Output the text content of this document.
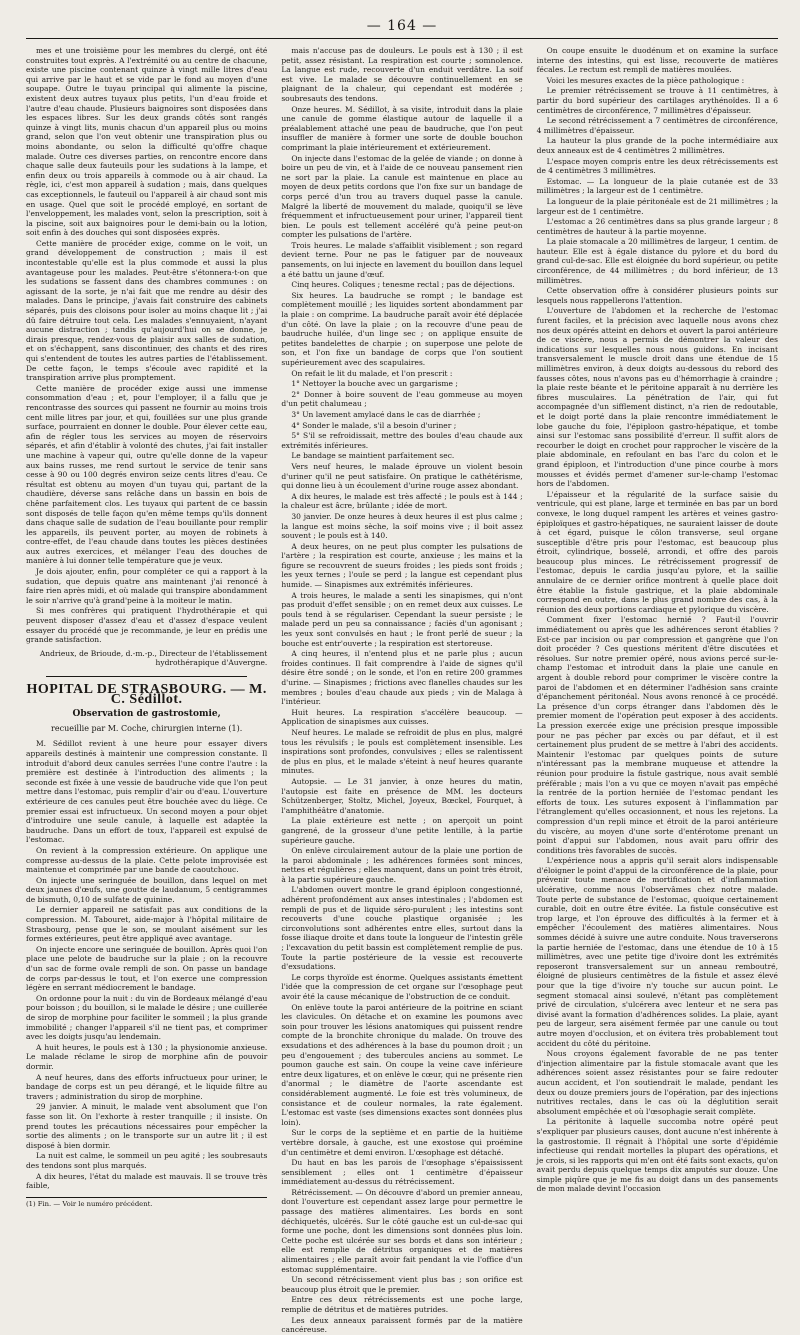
— 164 —

mes et une troisième pour les membres du clergé, ont été construites tout exprès. A l'extrémité ou au centre de chacune, existe une piscine contenant quinze à vingt mille litres d'eau qui arrive par le haut et se vide par le fond au moyen d'une soupape. Outre le tuyau principal qui alimente la piscine, existent deux autres tuyaux plus petits, l'un d'eau froide et l'autre d'eau chaude. Plusieurs baignoires sont disposées dans les espaces libres. Sur les deux grands côtés sont rangés quinze à vingt lits, munis chacun d'un appareil plus ou moins grand, selon que l'on veut obtenir une transpiration plus ou moins abondante, ou selon la difficulté qu'offre chaque malade. Outre ces diverses parties, on rencontre encore dans chaque salle deux fauteuils pour les sudations à la lampe, et enfin deux ou trois appareils à commode ou à air chaud. La règle, ici, c'est mon appareil à sudation ; mais, dans quelques cas exceptionnels, le fauteuil ou l'appareil à air chaud sont mis en usage. Quel que soit le procédé employé, en sortant de l'enveloppement, les malades vont, selon la prescription, soit à la piscine, soit aux baignoires pour le demi-bain ou la lotion, soit enfin à des douches qui sont disposées exprès.

Cette manière de procéder exige, comme on le voit, un grand développement de construction ; mais il est incontestable qu'elle est la plus commode et aussi la plus avantageuse pour les malades. Peut-être s'étonnera-t-on que les sudations se fassent dans des chambres communes : on agissant de la sorte, je n'ai fait que me rendre au désir des malades. Dans le principe, j'avais fait construire des cabinets séparés, puis des cloisons pour isoler au moins chaque lit ; j'ai dû faire détruire tout cela. Les malades s'ennuyaient, n'ayant aucune distraction ; tandis qu'aujourd'hui on se donne, je dirais presque, rendez-vous de plaisir aux salles de sudation, et on s'échappent, sans discontinuer, des chants et des rires qui s'entendent de toutes les autres parties de l'établissement. De cette façon, le temps s'écoule avec rapidité et la transpiration arrive plus promptement.

Cette manière de procéder exige aussi une immense consommation d'eau ; et, pour l'employer, il a fallu que je rencontrasse des sources qui passent ne fournir au moins trois cent mille litres par jour, et qui, fouillées sur une plus grande surface, pourraient en donner le double. Pour élever cette eau, afin de régler tous les services au moyen de réservoirs séparés, et afin d'établir à volonté des chutes, j'ai fait installer une machine à vapeur qui, outre qu'elle donne de la vapeur aux bains russes, me rend surtout le service de tenir sans cesse à 90 ou 100 degrés environ seize cents litres d'eau. Ce résultat est obtenu au moyen d'un tuyau qui, partant de la chaudière, déverse sans relâche dans un bassin en bois de chêne parfaitement clos. Les tuyaux qui partent de ce bassin sont disposés de telle façon qu'en même temps qu'ils donnent dans chaque salle de sudation de l'eau bouillante pour remplir les appareils, ils peuvent porter, au moyen de robinets à contre-effet, de l'eau chaude dans toutes les pièces destinées aux autres exercices, et mélanger l'eau des douches de manière à lui donner telle température que je veux.

Je dois ajouter, enfin, pour compléter ce qui a rapport à la sudation, que depuis quatre ans maintenant j'ai renoncé à faire rien après midi, et où malade qui transpire abondamment le soir n'arrive qu'à grand'peine à la moiteur le matin.

Si mes confrères qui pratiquent l'hydrothérapie et qui peuvent disposer d'assez d'eau et d'assez d'espace veulent essayer du procédé que je recommande, je leur en prédis une grande satisfaction.

Andrieux, de Brioude, d.-m.-p., Directeur de l'établissement hydrothérapique d'Auvergne.
HOPITAL DE STRASBOURG. — M. C. Sédillot.
Observation de gastrostomie,
recueillie par M. Coche, chirurgien interne (1).

M. Sédillot revient à une heure pour essayer divers appareils destinés à maintenir une compression constante. Il introduit d'abord deux canules serrées l'une contre l'autre : la première est destinée à l'introduction des aliments ; la seconde est fixée à une vessie de baudruche vide que l'on peut mettre dans l'estomac, puis remplir d'air ou d'eau. L'ouverture extérieure de ces canules peut être bouchée avec du liège. Ce premier essai est infructueux. Un second moyen a pour objet d'introduire une seule canule, à laquelle est adaptée la baudruche. Dans un effort de toux, l'appareil est expulsé de l'estomac.

On revient à la compression extérieure. On applique une compresse au-dessus de la plaie. Cette pelote improvisée est maintenue et comprimée par une bande de caoutchouc.

On injecte une seringuée de bouillon, dans lequel on met deux jaunes d'œufs, une goutte de laudanum, 5 centigrammes de bismuth, 0,10 de sulfate de quinine.

Le dernier appareil ne satisfait pas aux conditions de la compression. M. Tabouret, aide-major à l'hôpital militaire de Strasbourg, pense que le son, se moulant aisément sur les formes extérieures, peut être appliqué avec avantage.

On injecte encore une seringuée de bouillon. Après quoi l'on place une pelote de baudruche sur la plaie ; on la recouvre d'un sac de forme ovale rempli de son. On passe un bandage de corps par-dessus le tout, et l'on exerce une compression légère en serrant médiocrement le bandage.

On ordonne pour la nuit : du vin de Bordeaux mélangé d'eau pour boisson ; du bouillon, si le malade le désire ; une cuillerée de sirop de morphine pour faciliter le sommeil ; la plus grande immobilité ; changer l'appareil s'il ne tient pas, et comprimer avec les doigts jusqu'au lendemain.

A huit heures, le pouls est à 130 ; la physionomie anxieuse. Le malade réclame le sirop de morphine afin de pouvoir dormir.

A neuf heures, dans des efforts infructueux pour uriner, le bandage de corps est un peu dérangé, et le liquide filtre au travers ; administration du sirop de morphine.

29 janvier. A minuit, le malade vent absolument que l'on fasse son lit. On l'exhorte à rester tranquille ; il insiste. On prend toutes les précautions nécessaires pour empêcher la sortie des aliments ; on le transporte sur un autre lit ; il est disposé à bien dormir.

La nuit est calme, le sommeil un peu agité ; les soubresauts des tendons sont plus marqués.

A dix heures, l'état du malade est mauvais. Il se trouve très faible,

(1) Fin. — Voir le numéro précédent.

mais n'accuse pas de douleurs. Le pouls est à 130 ; il est petit, assez résistant. La respiration est courte ; somnolence. La langue est rude, recouverte d'un enduit verdâtre. La soif est vive. Le malade se découvre continuellement en se plaignant de la chaleur, qui cependant est modérée ; soubresauts des tendons.

Onze heures. M. Sédillot, à sa visite, introduit dans la plaie une canule de gomme élastique autour de laquelle il a préalablement attaché une peau de baudruche, que l'on peut insuffler de manière à former une sorte de double bouchon comprimant la plaie intérieurement et extérieurement.

On injecte dans l'estomac de la gelée de viande ; on donne à boire un peu de vin, et à l'aide de ce nouveau pansement rien ne sort par la plaie. La canule est maintenue en place au moyen de deux petits cordons que l'on fixe sur un bandage de corps percé d'un trou au travers duquel passe la canule. Malgré la liberté de mouvement du malade, quoiqu'il se lève fréquemment et infructueusement pour uriner, l'appareil tient bien. Le pouls est tellement accéléré qu'à peine peut-on compter les pulsations de l'artère.

Trois heures. Le malade s'affaiblit visiblement ; son regard devient terne. Pour ne pas le fatiguer par de nouveaux pansements, on lui injecte en lavement du bouillon dans lequel a été battu un jaune d'œuf.

Cinq heures. Coliques ; tenesme rectal ; pas de déjections.

Six heures. La baudruche se rompt ; le bandage est complètement mouillé ; les liquides sortent abondamment par la plaie : on comprime. La baudruche paraît avoir été déplacée d'un côté. On lave la plaie ; on la recouvre d'une peau de baudruche huilée, d'un linge sec ; on applique ensuite de petites bandelettes de charpie ; on superpose une pelote de son, et l'on fixe un bandage de corps que l'on soutient supérieurement avec des scapulaires.

On refait le lit du malade, et l'on prescrit :

1° Nettoyer la bouche avec un gargarisme ;

2° Donner à boire souvent de l'eau gommeuse au moyen d'un petit chalumeau ;

3° Un lavement amylacé dans le cas de diarrhée ;

4° Sonder le malade, s'il a besoin d'uriner ;

5° S'il se refroidissait, mettre des boules d'eau chaude aux extrémités inférieures.

Le bandage se maintient parfaitement sec.

Vers neuf heures, le malade éprouve un violent besoin d'uriner qu'il ne peut satisfaire. On pratique le cathétérisme, qui donne lieu à un écoulement d'urine rouge assez abondant.

A dix heures, le malade est très affecté ; le pouls est à 144 ; la chaleur est âcre, brûlante ; idée de mort.

30 janvier. De onze heures à deux heures il est plus calme ; la langue est moins sèche, la soif moins vive ; il boit assez souvent ; le pouls est à 140.

A deux heures, on ne peut plus compter les pulsations de l'artère ; la respiration est courte, anxieuse ; les mains et la figure se recouvrent de sueurs froides ; les pieds sont froids ; les yeux ternes ; l'ouïe se perd ; la langue est cependant plus humide. — Sinapismes aux extrémités inférieures.

A trois heures, le malade a senti les sinapismes, qui n'ont pas produit d'effet sensible ; on en remet deux aux cuisses. Le pouls tend à se régulariser. Cependant la sueur persiste ; le malade perd un peu sa connaissance ; faciès d'un agonisant ; les yeux sont convulsés en haut ; le front perlé de sueur ; la bouche est entr'ouverte ; la respiration est stertoreuse.

A cinq heures, il n'entend plus et ne parle plus ; aucun froides continues. Il fait comprendre à l'aide de signes qu'il désire être sondé ; on le sonde, et l'on en retire 200 grammes d'urine. — Sinapismes ; frictions avec flanelles chaudes sur les membres ; boules d'eau chaude aux pieds ; vin de Malaga à l'intérieur.

Huit heures. La respiration s'accélère beaucoup. — Application de sinapismes aux cuisses.

Neuf heures. Le malade se refroidit de plus en plus, malgré tous les révulsifs ; le pouls est complètement insensible. Les inspirations sont profondes, convulsives ; elles se ralentissent de plus en plus, et le malade s'éteint à neuf heures quarante minutes.

Autopsie. — Le 31 janvier, à onze heures du matin, l'autopsie est faite en présence de MM. les docteurs Schützenberger, Stoltz, Michel, Joyeux, Bœckel, Fourquet, à l'amphithéâtre d'anatomie.

La plaie extérieure est nette ; on aperçoit un point gangrené, de la grosseur d'une petite lentille, à la partie supérieure gauche.

On enlève circulairement autour de la plaie une portion de la paroi abdominale ; les adhérences formées sont minces, nettes et régulières ; elles manquent, dans un point très étroit, à la partie supérieure gauche.

L'abdomen ouvert montre le grand épiploon congestionné, adhérent profondément aux anses intestinales ; l'abdomen est rempli de pus et de liquide séro-purulent ; les intestins sont recouverts d'une couche plastique organisée ; les circonvolutions sont adhérentes entre elles, surtout dans la fosse iliaque droite et dans toute la longueur de l'intestin grêle ; l'excavation du petit bassin est complètement remplie de pus. Toute la partie postérieure de la vessie est recouverte d'exsudations.

Le corps thyroïde est énorme. Quelques assistants émettent l'idée que la compression de cet organe sur l'œsophage peut avoir été la cause mécanique de l'obstruction de ce conduit.

On enlève toute la paroi antérieure de la poitrine en sciant les clavicules. On détache et on examine les poumons avec soin pour trouver les lésions anatomiques qui puissent rendre compte de la bronchite chronique du malade. On trouve des exsudations et des adhérences à la base du poumon droit ; un peu d'engouement ; des tubercules anciens au sommet. Le poumon gauche est sain. On coupe la veine cave inférieure entre deux ligatures, et on enlève le cœur, qui ne présente rien d'anormal ; le diamètre de l'aorte ascendante est considérablement augmenté. Le foie est très volumineux, de consistance et de couleur normales, la rate également. L'estomac est vaste (ses dimensions exactes sont données plus loin).

Sur le corps de la septième et en partie de la huitième vertèbre dorsale, à gauche, est une exostose qui proémine d'un centimètre et demi environ. L'œsophage est détaché.

Du haut en bas les parois de l'œsophage s'épaississent sensiblement ; elles ont 1 centimètre d'épaisseur immédiatement au-dessus du rétrécissement.

Rétrécissement. — On découvre d'abord un premier anneau, dont l'ouverture est cependant assez large pour permettre le passage des matières alimentaires. Les bords en sont déchiquetés, ulcérés. Sur le côté gauche est un cul-de-sac qui forme une poche, dont les dimensions sont données plus loin. Cette poche est ulcérée sur ses bords et dans son intérieur ; elle est remplie de détritus organiques et de matières alimentaires ; elle paraît avoir fait pendant la vie l'office d'un estomac supplémentaire.

Un second rétrécissement vient plus bas ; son orifice est beaucoup plus étroit que le premier.

Entre ces deux rétrécissements est une poche large, remplie de détritus et de matières putrides.

Les deux anneaux paraissent formés par de la matière cancéreuse.

On coupe ensuite le duodénum et on examine la surface interne des intestins, qui est lisse, recouverte de matières fécales. Le rectum est rempli de matières moulées.

Voici les mesures exactes de la pièce pathologique :

Le premier rétrécissement se trouve à 11 centimètres, à partir du bord supérieur des cartilages arythénoïdes. Il a 6 centimètres de circonférence, 7 millimètres d'épaisseur.

Le second rétrécissement a 7 centimètres de circonférence, 4 millimètres d'épaisseur.

La hauteur la plus grande de la poche intermédiaire aux deux anneaux est de 4 centimètres 2 millimètres.

L'espace moyen compris entre les deux rétrécissements est de 4 centimètres 3 millimètres.

Estomac. — La longueur de la plaie cutanée est de 33 millimètres ; la largeur est de 1 centimètre.

La longueur de la plaie péritonéale est de 21 millimètres ; la largeur est de 1 centimètre.

L'estomac a 26 centimètres dans sa plus grande largeur ; 8 centimètres de hauteur à la partie moyenne.

La plaie stomacale a 20 millimètres de largeur, 1 centim. de hauteur. Elle est à égale distance du pylore et du bord du grand cul-de-sac. Elle est éloignée du bord supérieur, ou petite circonférence, de 44 millimètres ; du bord inférieur, de 13 millimètres.

Cette observation offre à considérer plusieurs points sur lesquels nous rappellerons l'attention.

L'ouverture de l'abdomen et la recherche de l'estomac furent faciles, et la précision avec laquelle nous avons chez nos deux opérés atteint en dehors et ouvert la paroi antérieure de ce viscère, nous a permis de démontrer la valeur des indications sur lesquelles nous nous guidons. En incisant transversalement le muscle droit dans une étendue de 15 millimètres environ, à deux doigts au-dessous du rebord des fausses côtes, nous n'avons pas eu d'hémorrhagie à craindre ; la plaie reste béante et le péritoine apparaît à nu derrière les fibres musculaires. La pénétration de l'air, qui fut accompagnée d'un sifflement distinct, n'a rien de redoutable, et le doigt porté dans la plaie rencontre immédiatement le lobe gauche du foie, l'épiploon gastro-hépatique, et tombe ainsi sur l'estomac sans possibilité d'erreur. Il suffit alors de recourber le doigt en crochet pour rapprocher le viscère de la plaie abdominale, en refoulant en bas l'arc du colon et le grand épiploon, et l'introduction d'une pince courbe à mors mousses et évidés permet d'amener sur-le-champ l'estomac hors de l'abdomen.

L'épaisseur et la régularité de la surface saisie du ventricule, qui est plane, large et terminée en bas par un bord convexe, le long duquel rampent les artères et veines gastro-épiploïques et gastro-hépatiques, ne sauraient laisser de doute à cet égard, puisque le côlon transverse, seul organe susceptible d'être pris pour l'estomac, est beaucoup plus étroit, cylindrique, bosselé, arrondi, et offre des parois beaucoup plus minces. Le rétrécissement progressif de l'estomac, depuis le cardia jusqu'au pylore, et la saillie annulaire de ce dernier orifice montrent à quelle place doit être établie la fistule gastrique, et la plaie abdominale correspond en outre, dans le plus grand nombre des cas, à la réunion des deux portions cardiaque et pylorique du viscère.

Comment fixer l'estomac hernié ? Faut-il l'ouvrir immédiatement ou après que les adhérences seront établies ? Est-ce par incision ou par compression et gangrène que l'on doit procéder ? Ces questions méritent d'être discutées et résolues. Sur notre premier opéré, nous avions percé sur-le-champ l'estomac et introduit dans la plaie une canule en argent à double rebord pour comprimer le viscère contre la paroi de l'abdomen et en déterminer l'adhésion sans crainte d'épanchement péritonéal. Nous avons renoncé à ce procédé. La présence d'un corps étranger dans l'abdomen dès le premier moment de l'opération peut exposer à des accidents. La pression exercée exige une précision presque impossible pour ne pas pécher par excès ou par défaut, et il est certainement plus prudent de se mettre à l'abri des accidents. Maintenir l'estomac par quelques points de suture n'intéressant pas la membrane muqueuse et attendre la réunion pour produire la fistule gastrique, nous avait semblé préférable ; mais l'on a vu que ce moyen n'avait pas empêché la rentrée de la portion herniée de l'estomac pendant les efforts de toux. Les sutures exposent à l'inflammation par l'étranglement qu'elles occasionnent, et nous les rejetons. La compression d'un repli mince et étroit de la paroi antérieure du viscère, au moyen d'une sorte d'entérotome prenant un point d'appui sur l'abdomen, nous avait paru offrir des conditions très favorables de succès.

L'expérience nous a appris qu'il serait alors indispensable d'éloigner le point d'appui de la circonférence de la plaie, pour prévenir toute menace de mortification et d'inflammation ulcérative, comme nous l'observâmes chez notre malade. Toute perte de substance de l'estomac, quoique certainement curable, doit en outre être évitée. La fistule consécutive est trop large, et l'on éprouve des difficultés à la fermer et à empêcher l'écoulement des matières alimentaires. Nous sommes décidé à suivre une autre conduite. Nous traverserons la partie herniée de l'estomac, dans une étendue de 10 à 15 millimètres, avec une petite tige d'ivoire dont les extrémités reposeront transversalement sur un anneau remboutré, éloigné de plusieurs centimètres de la fistule et assez élevé pour que la tige d'ivoire n'y touche sur aucun point. Le segment stomacal ainsi soulevé, n'étant pas complètement privé de circulation, s'ulcérera avec lenteur et ne sera pas divisé avant la formation d'adhérences solides. La plaie, ayant peu de largeur, sera aisément fermée par une canule ou tout autre moyen d'occlusion, et on évitera très probablement tout accident du côté du péritoine.

Nous croyons également favorable de ne pas tenter d'injection alimentaire par la fistule stomacale avant que les adhérences soient assez résistantes pour se faire redouter aucun accident, et l'on soutiendrait le malade, pendant les deux ou douze premiers jours de l'opération, par des injections nutritives rectales, dans le cas où la déglutition serait absolument empêchée et où l'œsophagie serait complète.

La péritonite à laquelle succomba notre opéré peut s'expliquer par plusieurs causes, dont aucune n'est inhérente à la gastrostomie. Il régnait à l'hôpital une sorte d'épidémie infectieuse qui rendait mortelles la plupart des opérations, et je crois, si les rapports qui m'en ont été faits sont exacts, qu'on avait perdu depuis quelque temps dix amputés sur douze. Une simple piqûre que je me fis au doigt dans un des pansements de mon malade devint l'occasion
